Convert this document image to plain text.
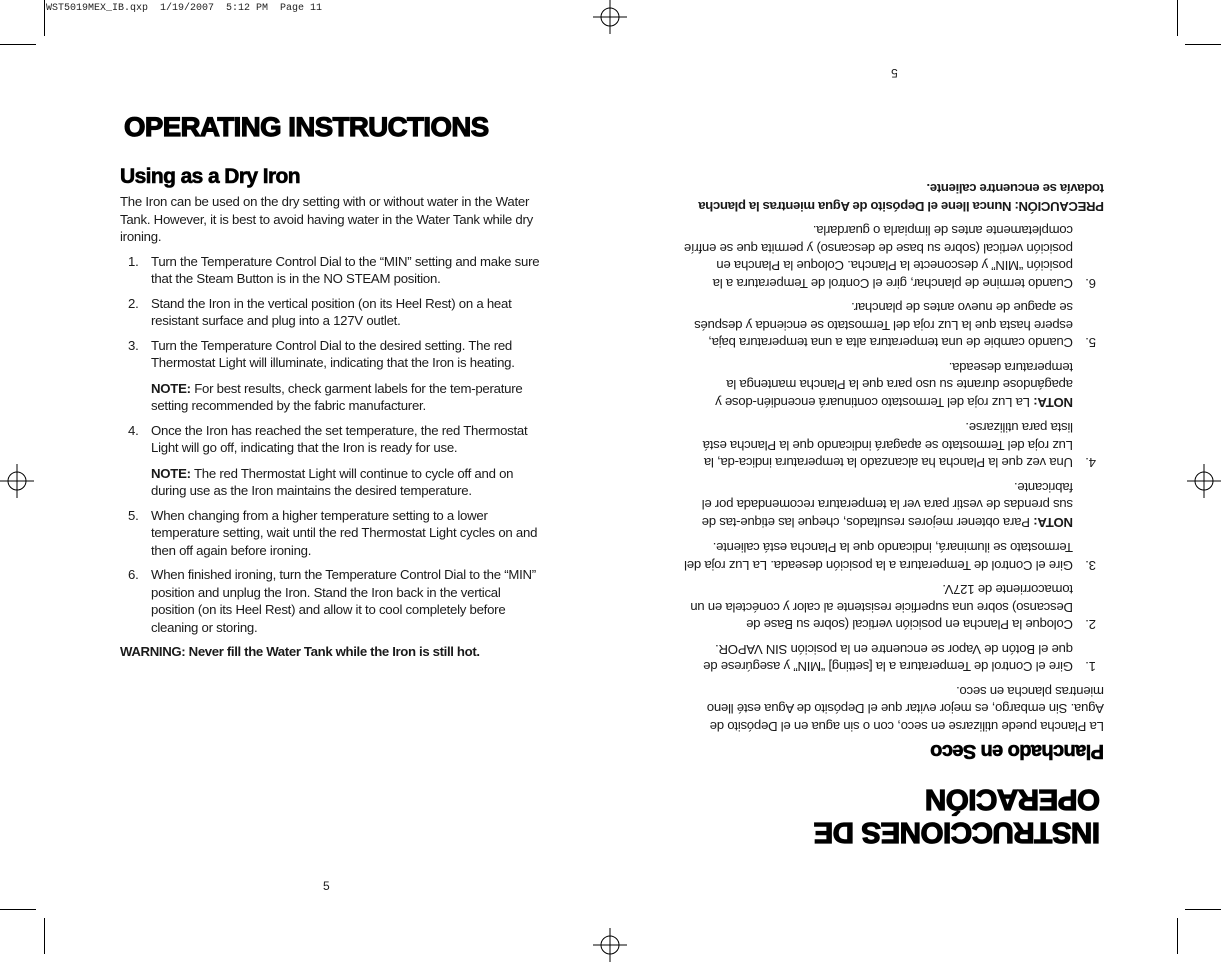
WST5019MEX_IB.qxp  1/19/2007  5:12 PM  Page 11
OPERATING INSTRUCTIONS
Using as a Dry Iron

The Iron can be used on the dry setting with or without water in the Water Tank. However, it is best to avoid having water in the Water Tank while dry ironing.

1. Turn the Temperature Control Dial to the “MIN” setting and make sure that the Steam Button is in the NO STEAM position.
2. Stand the Iron in the vertical position (on its Heel Rest) on a heat resistant surface and plug into a 127V outlet.
3. Turn the Temperature Control Dial to the desired setting. The red Thermostat Light will illuminate, indicating that the Iron is heating.

NOTE: For best results, check garment labels for the tem-perature setting recommended by the fabric manufacturer.

4. Once the Iron has reached the set temperature, the red Thermostat Light will go off, indicating that the Iron is ready for use.

NOTE: The red Thermostat Light will continue to cycle off and on during use as the Iron maintains the desired temperature.

5. When changing from a higher temperature setting to a lower temperature setting, wait until the red Thermostat Light cycles on and then off again before ironing.
6. When finished ironing, turn the Temperature Control Dial to the “MIN” position and unplug the Iron. Stand the Iron back in the vertical position (on its Heel Rest) and allow it to cool completely before cleaning or storing.

WARNING: Never fill the Water Tank while the Iron is still hot.

5
INSTRUCCIONES DE OPERACIÓN
Planchado en Seco

La Plancha puede utilizarse en seco, con o sin agua en el Depósito de Agua. Sin embargo, es mejor evitar que el Depósito de Agua esté lleno mientras plancha en seco.

1.
Gire el Control de Temperatura a la [setting] “MIN” y asegúrese de que el Botón de Vapor se encuentre en la posición SIN VAPOR.
2.
Coloque la Plancha en posición vertical (sobre su Base de Descanso) sobre una superficie resistente al calor y conéctela en un tomacorriente de 127V.
3.
Gire el Control de Temperatura a la posición deseada. La Luz roja del Termostato se iluminará, indicando que la Plancha está caliente.

NOTA: Para obtener mejores resultados, cheque las etique-tas de sus prendas de vestir para ver la temperatura recomendada por el fabricante.

4.
Una vez que la Plancha ha alcanzado la temperatura indica-da, la Luz roja del Termostato se apagará indicando que la Plancha está lista para utilizarse.

NOTA: La Luz roja del Termostato continuará encendién-dose y apagándose durante su uso para que la Plancha mantenga la temperatura deseada.

5.
Cuando cambie de una temperatura alta a una temperatura baja, espere hasta que la Luz roja del Termostato se encienda y después se apague de nuevo antes de planchar.
6.
Cuando termine de planchar, gire el Control de Temperatura a la posición “MIN” y desconecte la Plancha. Coloque la Plancha en posición vertical (sobre su base de descanso) y permita que se enfríe completamente antes de limpiarla o guardarla.

PRECAUCIÓN: Nunca llene el Depósito de Agua mientras la plancha todavía se encuentre caliente.

5
